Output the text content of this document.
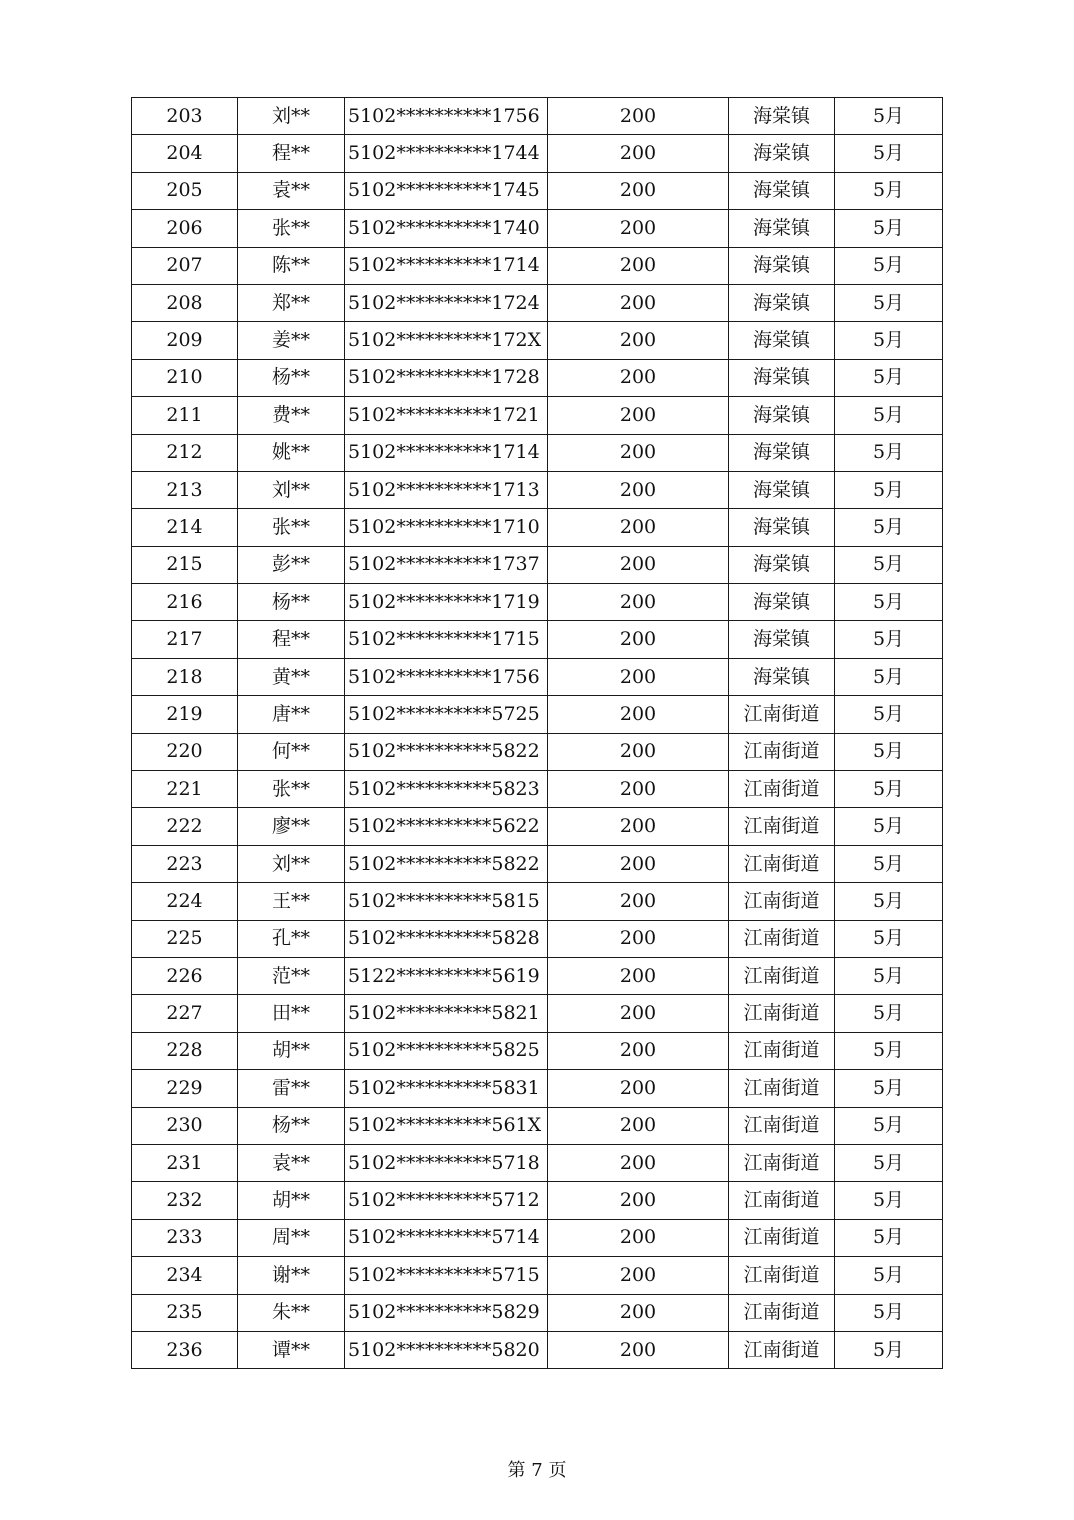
203	刘**	5102**********1756	200	海棠镇	5月
204	程**	5102**********1744	200	海棠镇	5月
205	袁**	5102**********1745	200	海棠镇	5月
206	张**	5102**********1740	200	海棠镇	5月
207	陈**	5102**********1714	200	海棠镇	5月
208	郑**	5102**********1724	200	海棠镇	5月
209	姜**	5102**********172X	200	海棠镇	5月
210	杨**	5102**********1728	200	海棠镇	5月
211	费**	5102**********1721	200	海棠镇	5月
212	姚**	5102**********1714	200	海棠镇	5月
213	刘**	5102**********1713	200	海棠镇	5月
214	张**	5102**********1710	200	海棠镇	5月
215	彭**	5102**********1737	200	海棠镇	5月
216	杨**	5102**********1719	200	海棠镇	5月
217	程**	5102**********1715	200	海棠镇	5月
218	黄**	5102**********1756	200	海棠镇	5月
219	唐**	5102**********5725	200	江南街道	5月
220	何**	5102**********5822	200	江南街道	5月
221	张**	5102**********5823	200	江南街道	5月
222	廖**	5102**********5622	200	江南街道	5月
223	刘**	5102**********5822	200	江南街道	5月
224	王**	5102**********5815	200	江南街道	5月
225	孔**	5102**********5828	200	江南街道	5月
226	范**	5122**********5619	200	江南街道	5月
227	田**	5102**********5821	200	江南街道	5月
228	胡**	5102**********5825	200	江南街道	5月
229	雷**	5102**********5831	200	江南街道	5月
230	杨**	5102**********561X	200	江南街道	5月
231	袁**	5102**********5718	200	江南街道	5月
232	胡**	5102**********5712	200	江南街道	5月
233	周**	5102**********5714	200	江南街道	5月
234	谢**	5102**********5715	200	江南街道	5月
235	朱**	5102**********5829	200	江南街道	5月
236	谭**	5102**********5820	200	江南街道	5月
第 7 页
